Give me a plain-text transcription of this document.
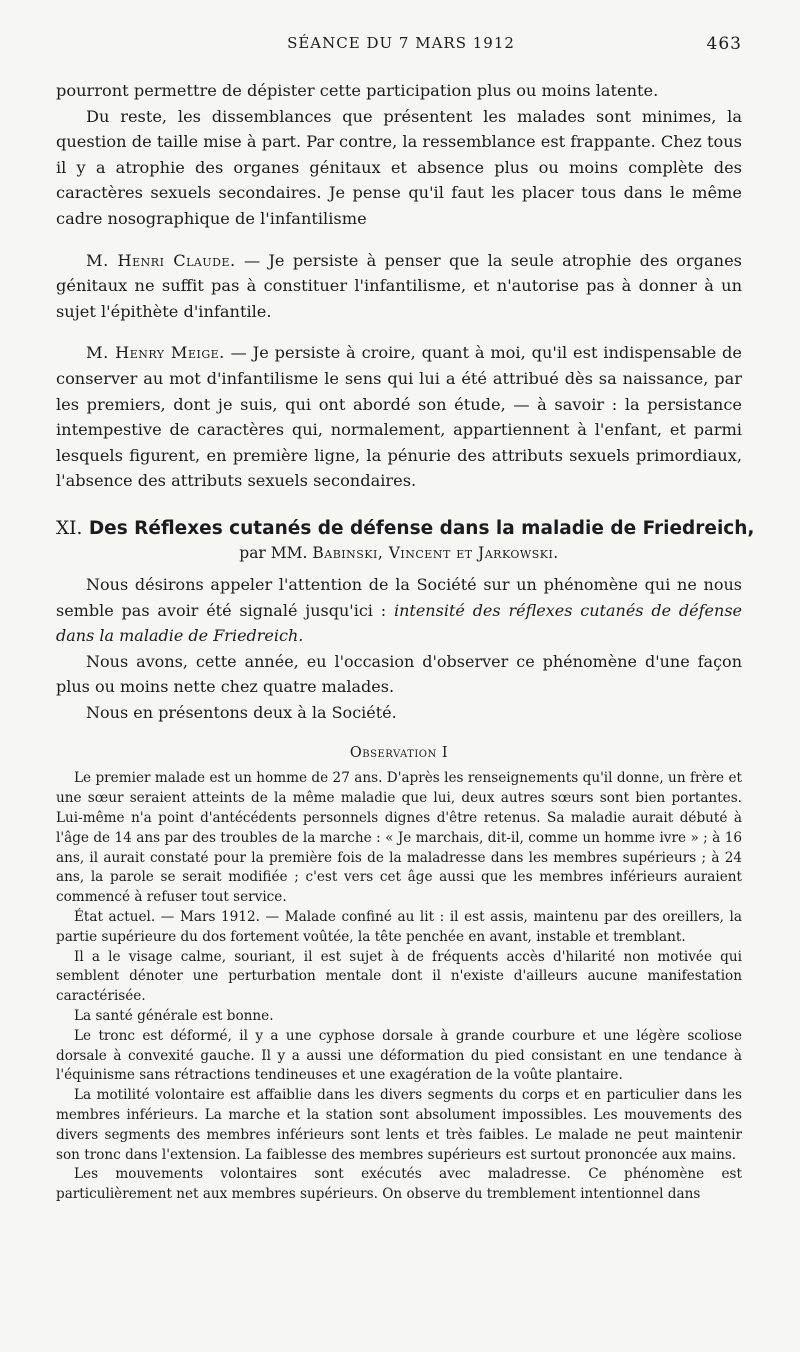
SÉANCE DU 7 MARS 1912	463

pourront permettre de dépister cette participation plus ou moins latente.

Du reste, les dissemblances que présentent les malades sont minimes, la question de taille mise à part. Par contre, la ressemblance est frappante. Chez tous il y a atrophie des organes génitaux et absence plus ou moins complète des caractères sexuels secondaires. Je pense qu'il faut les placer tous dans le même cadre nosographique de l'infantilisme

M. Henri Claude. — Je persiste à penser que la seule atrophie des organes génitaux ne suffit pas à constituer l'infantilisme, et n'autorise pas à donner à un sujet l'épithète d'infantile.

M. Henry Meige. — Je persiste à croire, quant à moi, qu'il est indispensable de conserver au mot d'infantilisme le sens qui lui a été attribué dès sa naissance, par les premiers, dont je suis, qui ont abordé son étude, — à savoir : la persistance intempestive de caractères qui, normalement, appartiennent à l'enfant, et parmi lesquels figurent, en première ligne, la pénurie des attributs sexuels primordiaux, l'absence des attributs sexuels secondaires.

XI. Des Réflexes cutanés de défense dans la maladie de Friedreich,
par MM. Babinski, Vincent et Jarkowski.

Nous désirons appeler l'attention de la Société sur un phénomène qui ne nous semble pas avoir été signalé jusqu'ici : intensité des réflexes cutanés de défense dans la maladie de Friedreich.

Nous avons, cette année, eu l'occasion d'observer ce phénomène d'une façon plus ou moins nette chez quatre malades.

Nous en présentons deux à la Société.

Observation I

Le premier malade est un homme de 27 ans. D'après les renseignements qu'il donne, un frère et une sœur seraient atteints de la même maladie que lui, deux autres sœurs sont bien portantes. Lui-même n'a point d'antécédents personnels dignes d'être retenus. Sa maladie aurait débuté à l'âge de 14 ans par des troubles de la marche : « Je marchais, dit-il, comme un homme ivre » ; à 16 ans, il aurait constaté pour la première fois de la maladresse dans les membres supérieurs ; à 24 ans, la parole se serait modifiée ; c'est vers cet âge aussi que les membres inférieurs auraient commencé à refuser tout service.

État actuel. — Mars 1912. — Malade confiné au lit : il est assis, maintenu par des oreillers, la partie supérieure du dos fortement voûtée, la tête penchée en avant, instable et tremblant.

Il a le visage calme, souriant, il est sujet à de fréquents accès d'hilarité non motivée qui semblent dénoter une perturbation mentale dont il n'existe d'ailleurs aucune manifestation caractérisée.

La santé générale est bonne.

Le tronc est déformé, il y a une cyphose dorsale à grande courbure et une légère scoliose dorsale à convexité gauche. Il y a aussi une déformation du pied consistant en une tendance à l'équinisme sans rétractions tendineuses et une exagération de la voûte plantaire.

La motilité volontaire est affaiblie dans les divers segments du corps et en particulier dans les membres inférieurs. La marche et la station sont absolument impossibles. Les mouvements des divers segments des membres inférieurs sont lents et très faibles. Le malade ne peut maintenir son tronc dans l'extension. La faiblesse des membres supérieurs est surtout prononcée aux mains.

Les mouvements volontaires sont exécutés avec maladresse. Ce phénomène est particulièrement net aux membres supérieurs. On observe du tremblement intentionnel dans
